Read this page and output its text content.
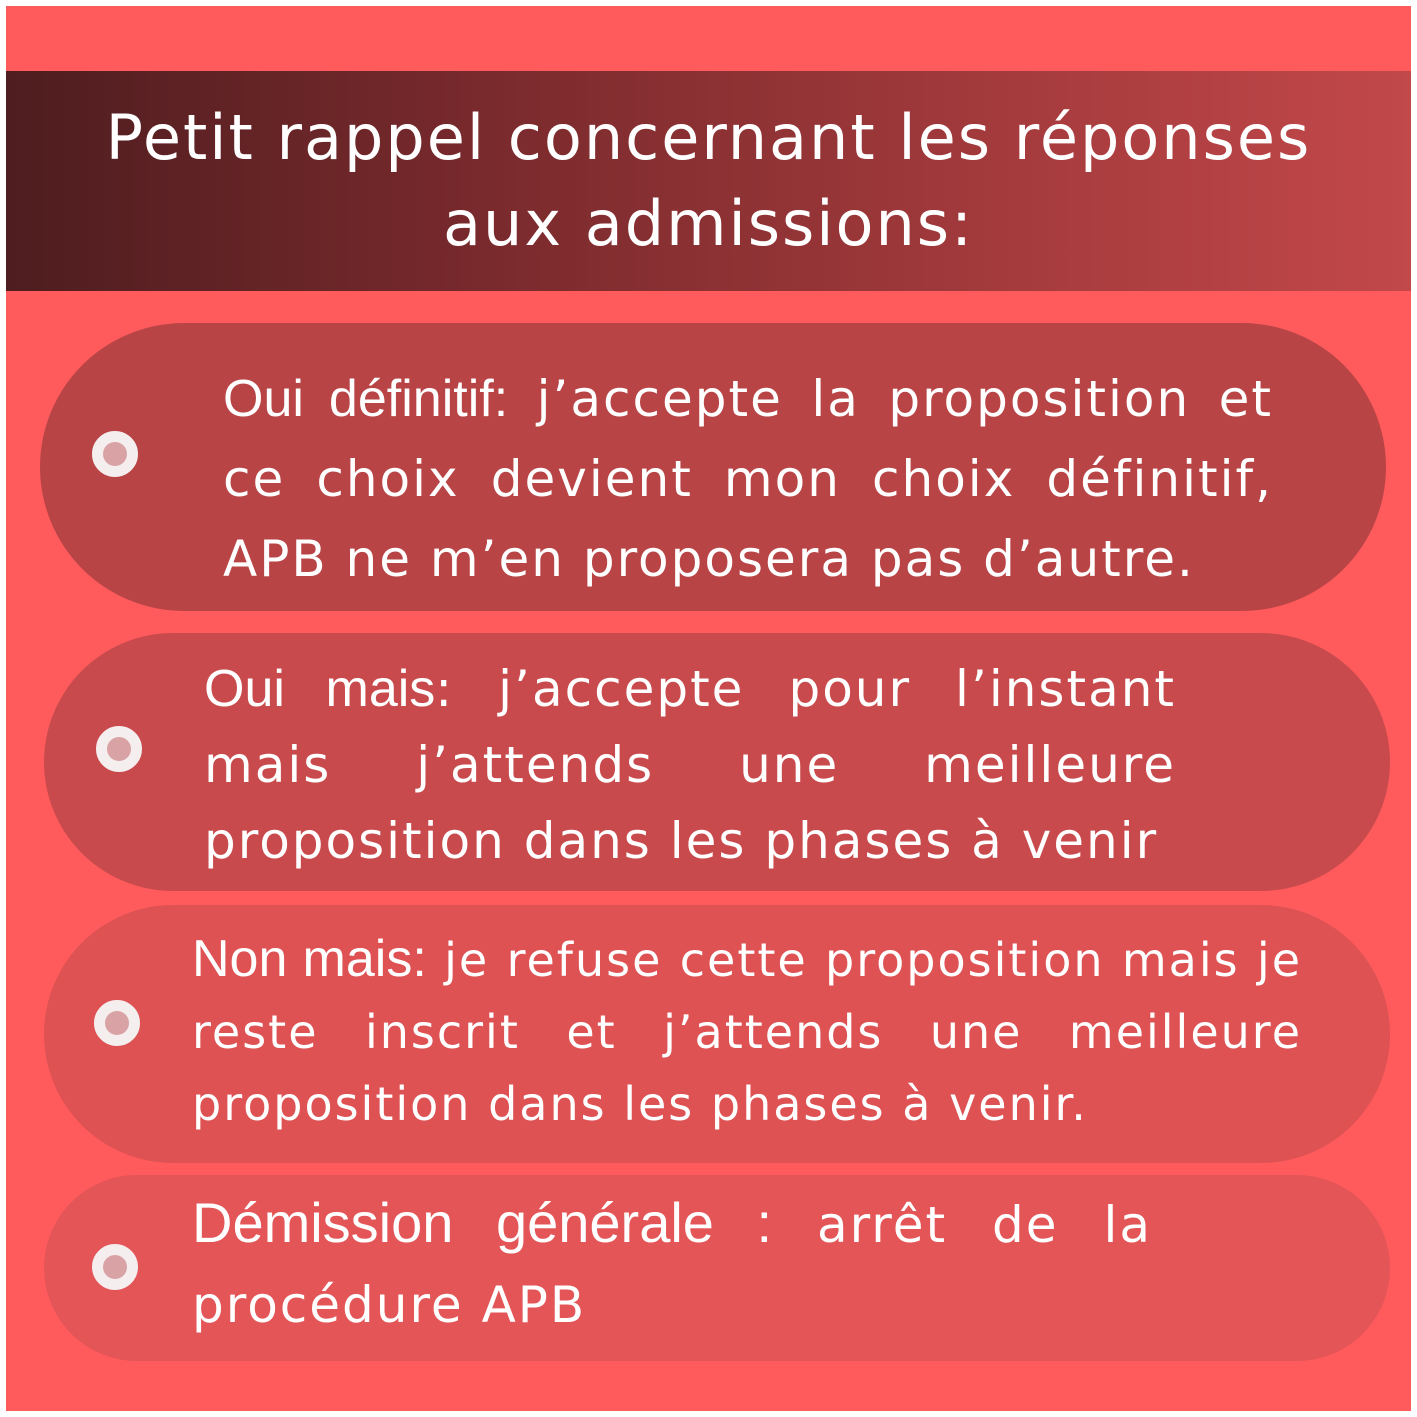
Petit rappel concernant les réponses aux admissions:

Oui définitif: j’accepte la proposition et ce choix devient mon choix définitif, APB ne m’en proposera pas d’autre.

Oui mais: j’accepte pour l’instant mais j’attends une meilleure proposition dans les phases à venir

Non mais: je refuse cette proposition mais je reste inscrit et j’attends une meilleure proposition dans les phases à venir.

Démission générale : arrêt de la procédure APB
